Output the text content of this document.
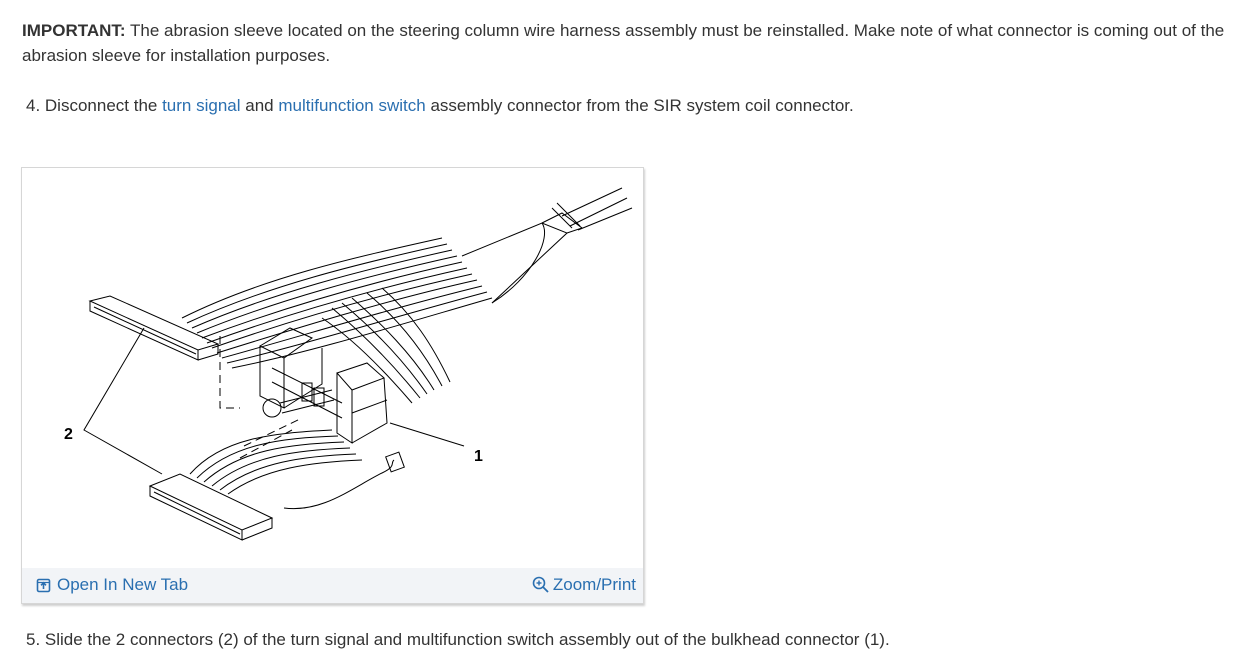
IMPORTANT: The abrasion sleeve located on the steering column wire harness assembly must be reinstalled. Make note of what connector is coming out of the abrasion sleeve for installation purposes.

4. Disconnect the turn signal and multifunction switch assembly connector from the SIR system coil connector.

2
1
Open In New Tab	Zoom/Print

5. Slide the 2 connectors (2) of the turn signal and multifunction switch assembly out of the bulkhead connector (1).
